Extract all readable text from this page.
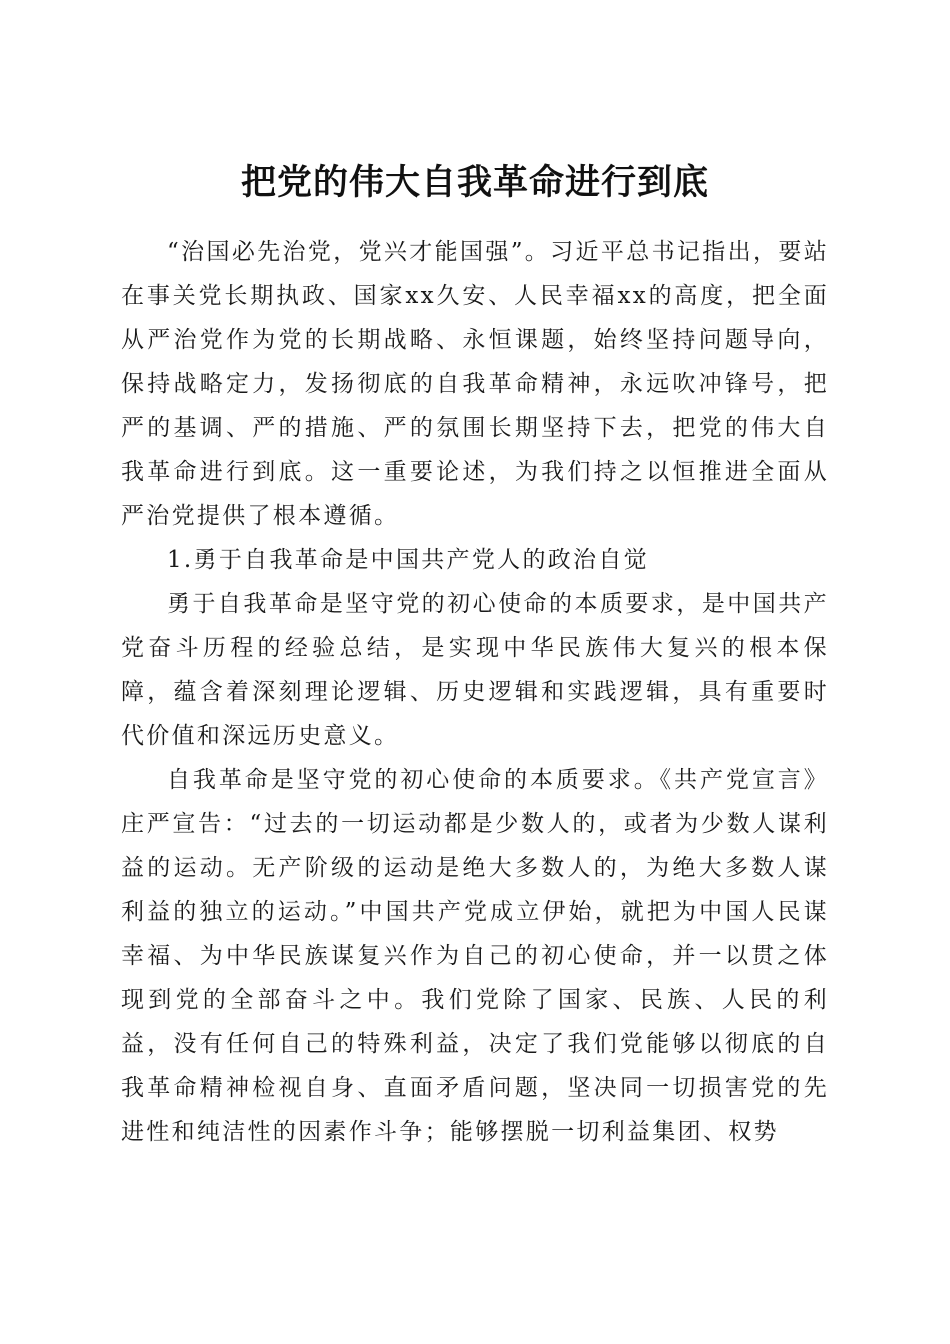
把党的伟大自我革命进行到底

“治国必先治党，党兴才能国强”。习近平总书记指出，要站在事关党长期执政、国家xx久安、人民幸福xx的高度，把全面从严治党作为党的长期战略、永恒课题，始终坚持问题导向，保持战略定力，发扬彻底的自我革命精神，永远吹冲锋号，把严的基调、严的措施、严的氛围长期坚持下去，把党的伟大自我革命进行到底。这一重要论述，为我们持之以恒推进全面从严治党提供了根本遵循。

1.勇于自我革命是中国共产党人的政治自觉

勇于自我革命是坚守党的初心使命的本质要求，是中国共产党奋斗历程的经验总结，是实现中华民族伟大复兴的根本保障，蕴含着深刻理论逻辑、历史逻辑和实践逻辑，具有重要时代价值和深远历史意义。

自我革命是坚守党的初心使命的本质要求。《共产党宣言》庄严宣告：“过去的一切运动都是少数人的，或者为少数人谋利益的运动。无产阶级的运动是绝大多数人的，为绝大多数人谋利益的独立的运动。”中国共产党成立伊始，就把为中国人民谋幸福、为中华民族谋复兴作为自己的初心使命，并一以贯之体现到党的全部奋斗之中。我们党除了国家、民族、人民的利益，没有任何自己的特殊利益，决定了我们党能够以彻底的自我革命精神检视自身、直面矛盾问题，坚决同一切损害党的先进性和纯洁性的因素作斗争；能够摆脱一切利益集团、权势
